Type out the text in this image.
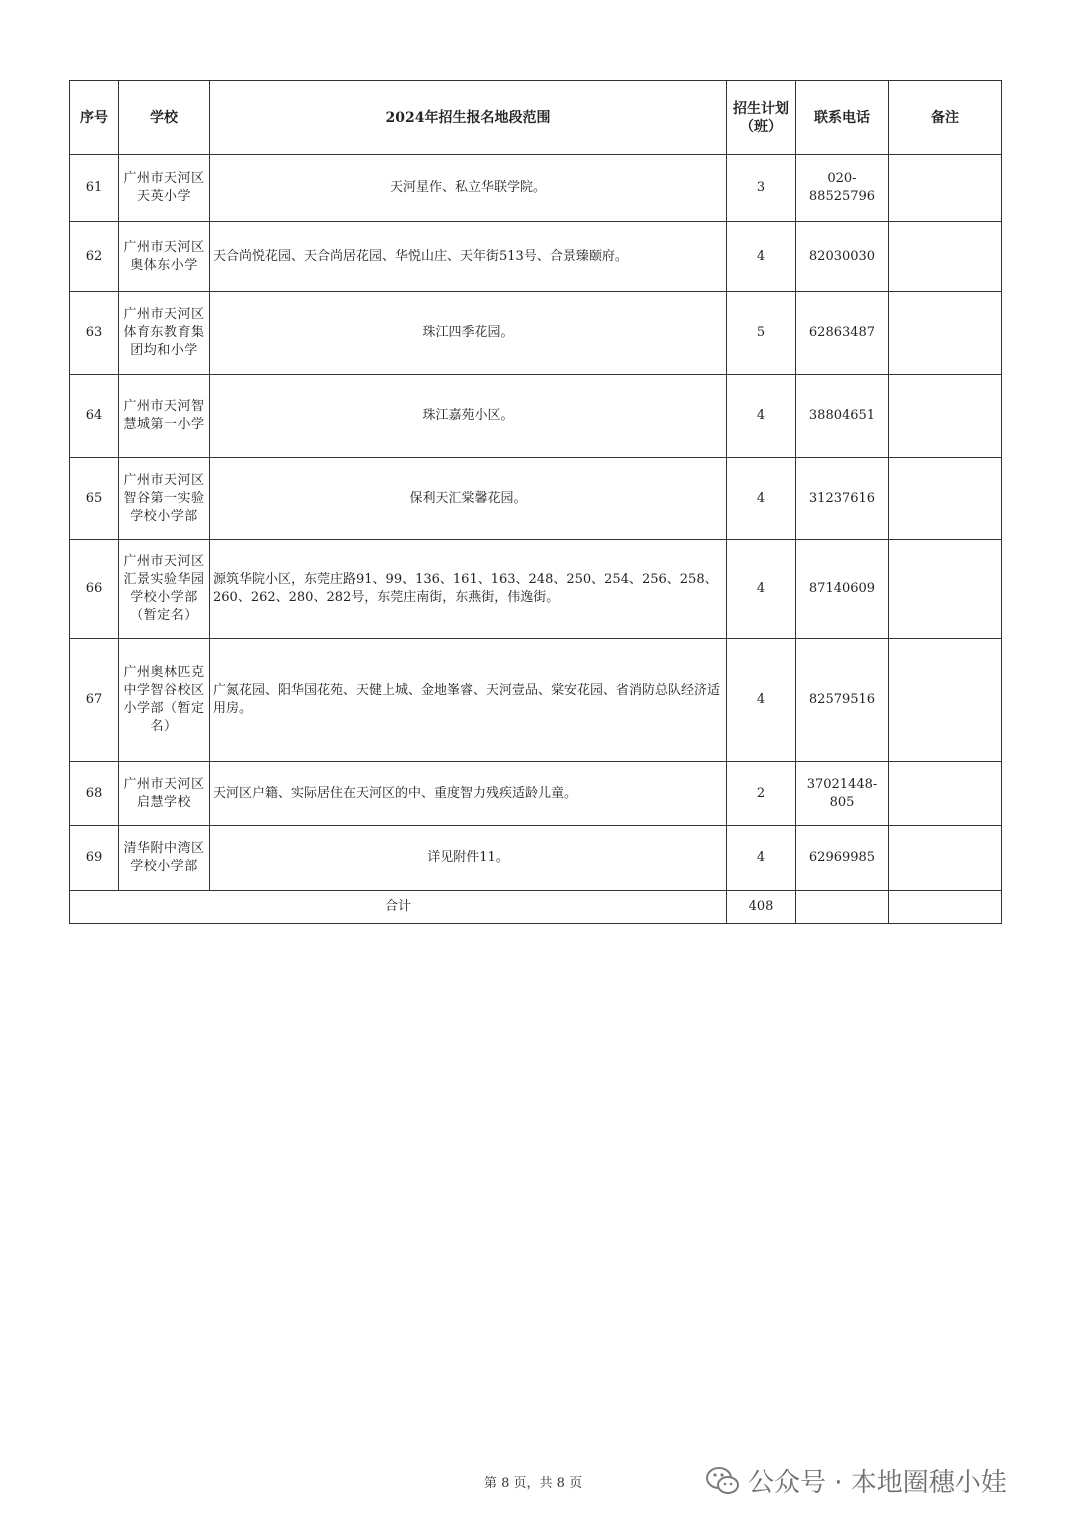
序号	学校	2024年招生报名地段范围	招生计划（班）	联系电话	备注
61	广州市天河区天英小学	天河星作、私立华联学院。	3	020-88525796	
62	广州市天河区奥体东小学	天合尚悦花园、天合尚居花园、华悦山庄、天年街513号、合景臻颐府。	4	82030030	
63	广州市天河区体育东教育集团均和小学	珠江四季花园。	5	62863487	
64	广州市天河智慧城第一小学	珠江嘉苑小区。	4	38804651	
65	广州市天河区智谷第一实验学校小学部	保利天汇棠馨花园。	4	31237616	
66	广州市天河区汇景实验华园学校小学部（暂定名）	源筑华院小区，东莞庄路91、99、136、161、163、248、250、254、256、258、260、262、280、282号，东莞庄南街，东燕街，伟逸街。	4	87140609	
67	广州奥林匹克中学智谷校区小学部（暂定名）	广氮花园、阳华国花苑、天健上城、金地峯睿、天河壹品、棠安花园、省消防总队经济适用房。	4	82579516	
68	广州市天河区启慧学校	天河区户籍、实际居住在天河区的中、重度智力残疾适龄儿童。	2	37021448-805	
69	清华附中湾区学校小学部	详见附件11。	4	62969985	
合计			408		
第 8 页，共 8 页	公众号 · 本地圈穗小娃
